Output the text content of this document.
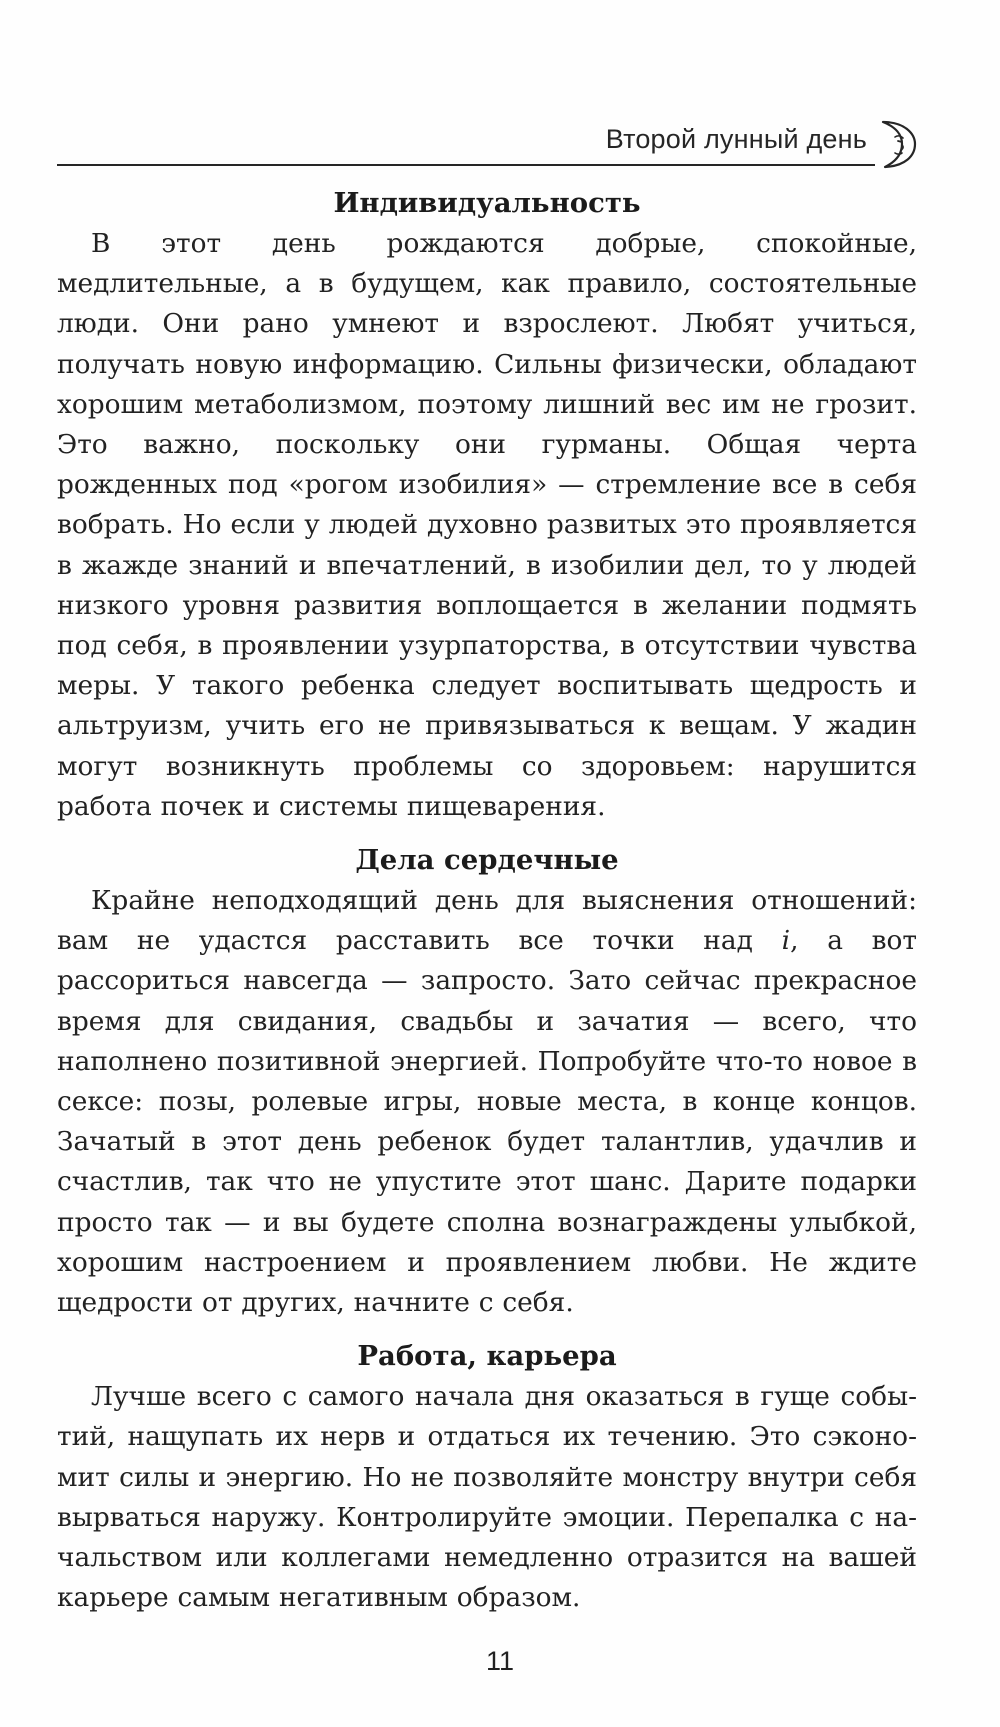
Второй лунный день
Индивидуальность

В этот день рождаются добрые, спокойные, медлительные, а в будущем, как правило, состоятельные люди. Они рано умнеют и взрослеют. Любят учиться, получать новую информацию. Сильны физически, обладают хорошим метаболизмом, поэтому лишний вес им не грозит. Это важно, поскольку они гурманы. Общая черта рожденных под «рогом изобилия» — стремление все в себя вобрать. Но если у людей духовно развитых это проявляется в жажде знаний и впечатлений, в изобилии дел, то у людей низкого уровня развития воплощается в желании подмять под себя, в проявлении узурпаторства, в отсутствии чувства меры. У такого ребенка следует воспитывать щедрость и альтруизм, учить его не привязываться к вещам. У жадин могут возникнуть проблемы со здоровьем: нарушится работа почек и системы пищеварения.

Дела сердечные

Крайне неподходящий день для выяснения отношений: вам не удастся расставить все точки над i, а вот рассориться навсегда — запросто. Зато сейчас прекрасное время для свидания, свадьбы и зачатия — всего, что наполнено позитивной энергией. Попробуйте что-то новое в сексе: позы, ролевые игры, новые места, в конце концов. Зачатый в этот день ребенок будет талантлив, удачлив и счастлив, так что не упустите этот шанс. Дарите подарки просто так — и вы будете сполна вознаграждены улыбкой, хорошим настроением и проявлением любви. Не ждите щедрости от других, начните с себя.

Работа, карьера

Лучше всего с самого начала дня оказаться в гуще событий, нащупать их нерв и отдаться их течению. Это сэкономит силы и энергию. Но не позволяйте монстру внутри себя вырваться наружу. Контролируйте эмоции. Перепалка с начальством или коллегами немедленно отразится на вашей карьере самым негативным образом.

11
